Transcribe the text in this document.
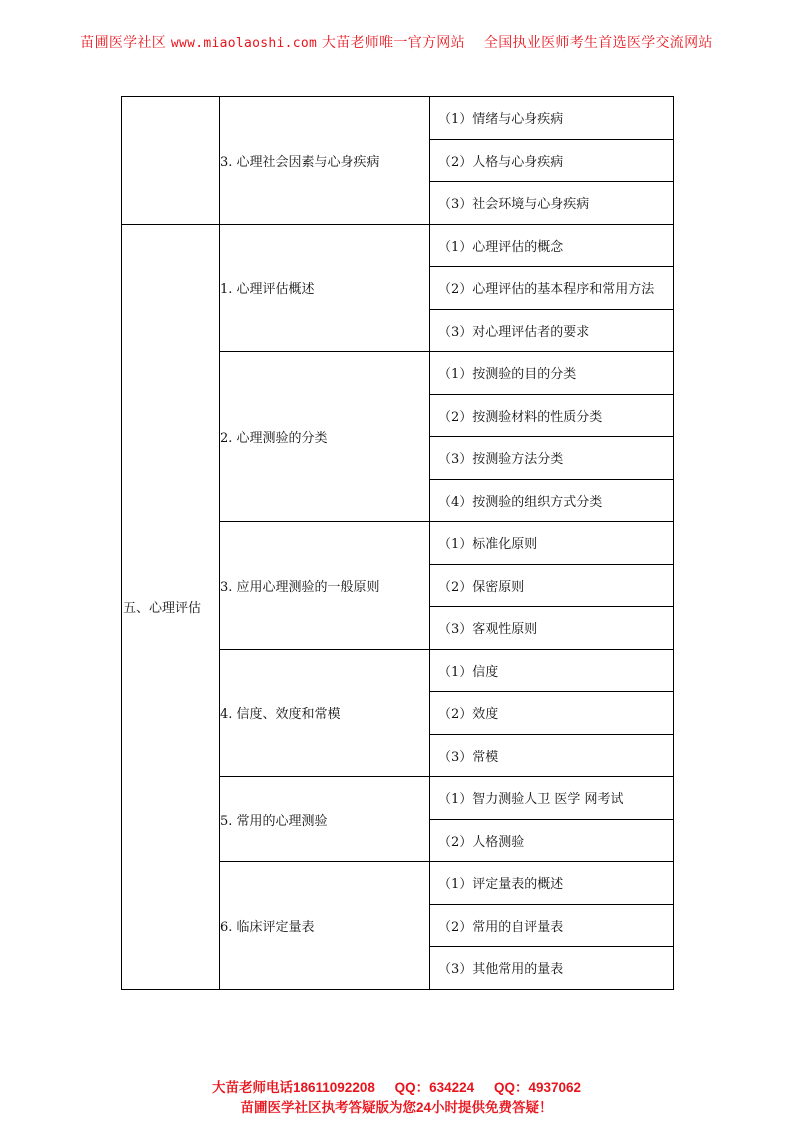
苗圃医学社区 www.miaolaoshi.com 大苗老师唯一官方网站 全国执业医师考生首选医学交流网站
	3. 心理社会因素与心身疾病	（1）情绪与心身疾病
		（2）人格与心身疾病
		（3）社会环境与心身疾病
五、心理评估	1. 心理评估概述	（1）心理评估的概念
		（2）心理评估的基本程序和常用方法
		（3）对心理评估者的要求
	2. 心理测验的分类	（1）按测验的目的分类
		（2）按测验材料的性质分类
		（3）按测验方法分类
		（4）按测验的组织方式分类
	3. 应用心理测验的一般原则	（1）标准化原则
		（2）保密原则
		（3）客观性原则
	4. 信度、效度和常模	（1）信度
		（2）效度
		（3）常模
	5. 常用的心理测验	（1）智力测验人卫 医学 网考试
		（2）人格测验
	6. 临床评定量表	（1）评定量表的概述
		（2）常用的自评量表
		（3）其他常用的量表
大苗老师电话18611092208 QQ：634224 QQ：4937062
苗圃医学社区执考答疑版为您24小时提供免费答疑！
